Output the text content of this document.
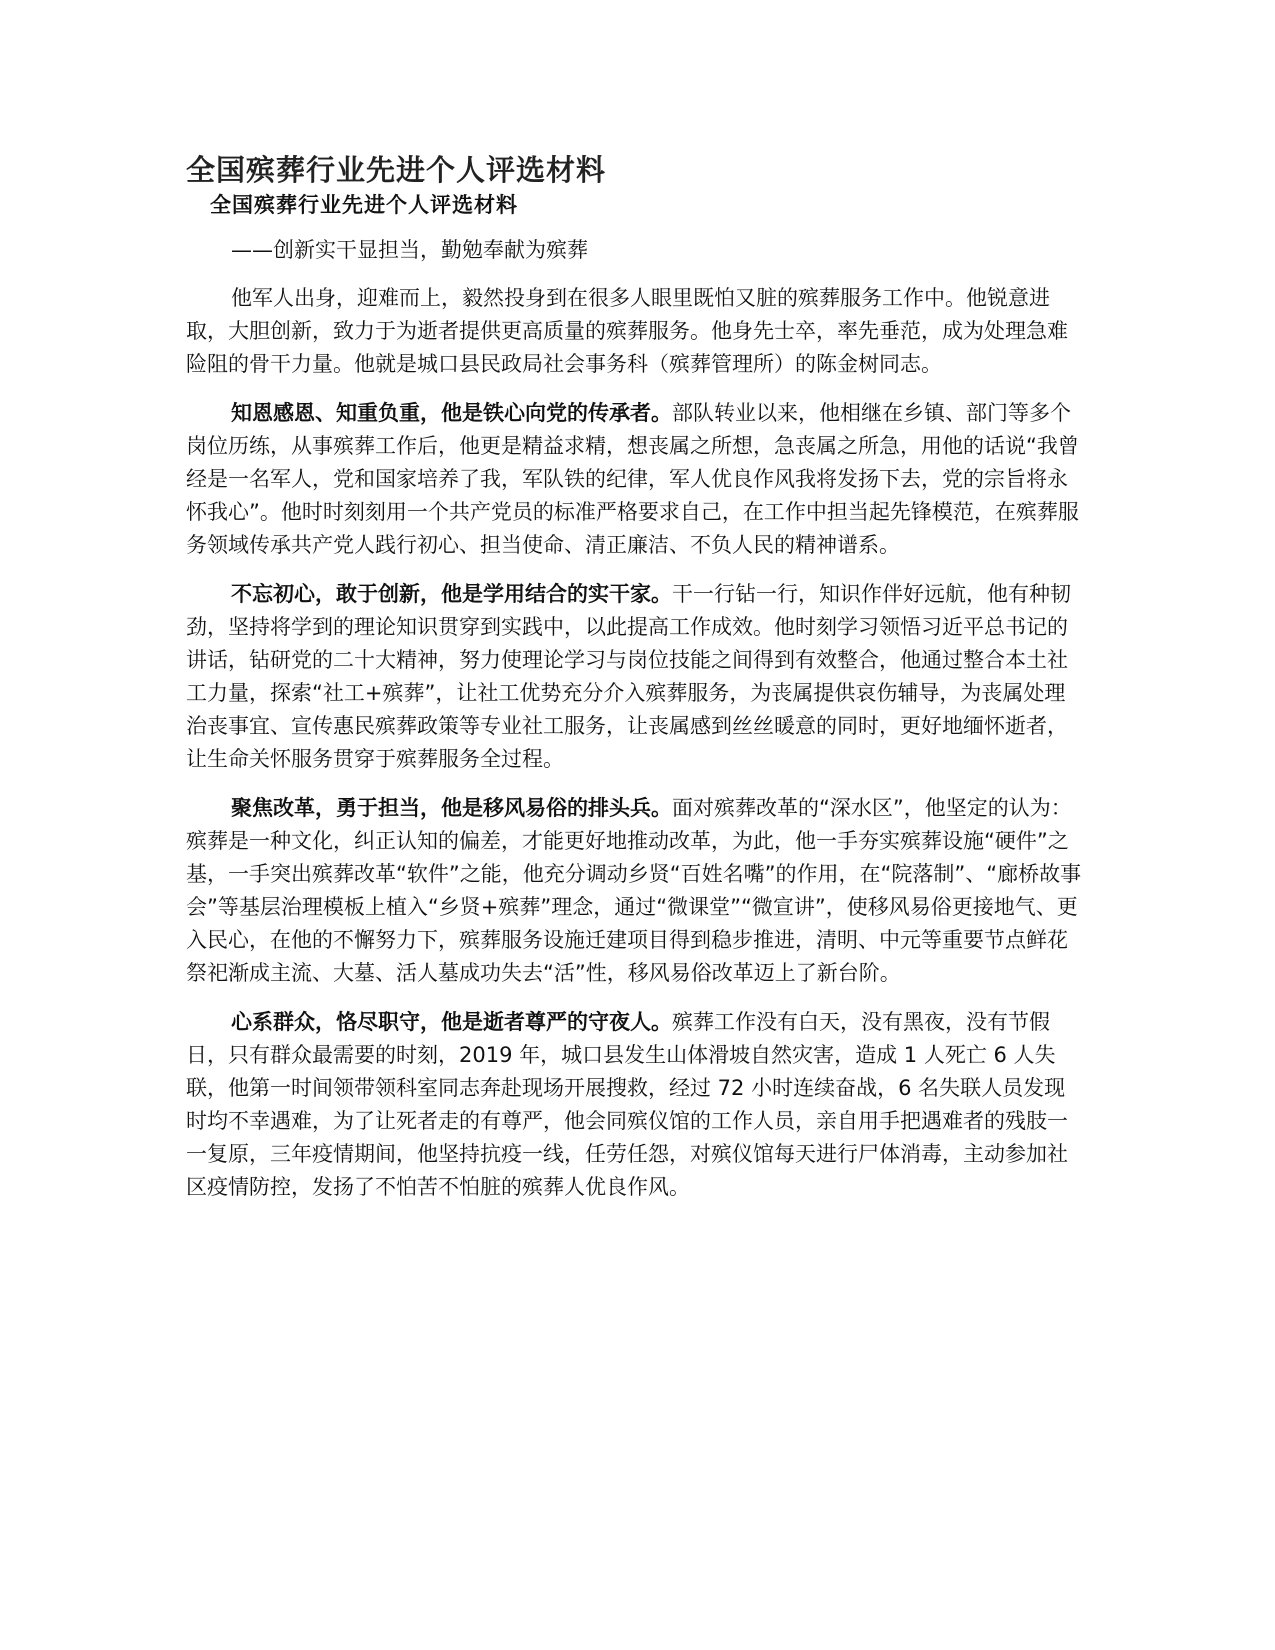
全国殡葬行业先进个人评选材料
全国殡葬行业先进个人评选材料

——创新实干显担当，勤勉奉献为殡葬

他军人出身，迎难而上，毅然投身到在很多人眼里既怕又脏的殡葬服务工作中。他锐意进取，大胆创新，致力于为逝者提供更高质量的殡葬服务。他身先士卒，率先垂范，成为处理急难险阻的骨干力量。他就是城口县民政局社会事务科（殡葬管理所）的陈金树同志。

知恩感恩、知重负重，他是铁心向党的传承者。部队转业以来，他相继在乡镇、部门等多个岗位历练，从事殡葬工作后，他更是精益求精，想丧属之所想，急丧属之所急，用他的话说“我曾经是一名军人，党和国家培养了我，军队铁的纪律，军人优良作风我将发扬下去，党的宗旨将永怀我心”。他时时刻刻用一个共产党员的标准严格要求自己，在工作中担当起先锋模范，在殡葬服务领域传承共产党人践行初心、担当使命、清正廉洁、不负人民的精神谱系。

不忘初心，敢于创新，他是学用结合的实干家。干一行钻一行，知识作伴好远航，他有种韧劲，坚持将学到的理论知识贯穿到实践中，以此提高工作成效。他时刻学习领悟习近平总书记的讲话，钻研党的二十大精神，努力使理论学习与岗位技能之间得到有效整合，他通过整合本土社工力量，探索“社工+殡葬”，让社工优势充分介入殡葬服务，为丧属提供哀伤辅导，为丧属处理治丧事宜、宣传惠民殡葬政策等专业社工服务，让丧属感到丝丝暖意的同时，更好地缅怀逝者，让生命关怀服务贯穿于殡葬服务全过程。

聚焦改革，勇于担当，他是移风易俗的排头兵。面对殡葬改革的“深水区”，他坚定的认为：殡葬是一种文化，纠正认知的偏差，才能更好地推动改革，为此，他一手夯实殡葬设施“硬件”之基，一手突出殡葬改革“软件”之能，他充分调动乡贤“百姓名嘴”的作用，在“院落制”、“廊桥故事会”等基层治理模板上植入“乡贤+殡葬”理念，通过“微课堂”“微宣讲”，使移风易俗更接地气、更入民心，在他的不懈努力下，殡葬服务设施迁建项目得到稳步推进，清明、中元等重要节点鲜花祭祀渐成主流、大墓、活人墓成功失去“活”性，移风易俗改革迈上了新台阶。

心系群众，恪尽职守，他是逝者尊严的守夜人。殡葬工作没有白天，没有黑夜，没有节假日，只有群众最需要的时刻，2019 年，城口县发生山体滑坡自然灾害，造成 1 人死亡 6 人失联，他第一时间领带领科室同志奔赴现场开展搜救，经过 72 小时连续奋战，6 名失联人员发现时均不幸遇难，为了让死者走的有尊严，他会同殡仪馆的工作人员，亲自用手把遇难者的残肢一一复原，三年疫情期间，他坚持抗疫一线，任劳任怨，对殡仪馆每天进行尸体消毒，主动参加社区疫情防控，发扬了不怕苦不怕脏的殡葬人优良作风。
